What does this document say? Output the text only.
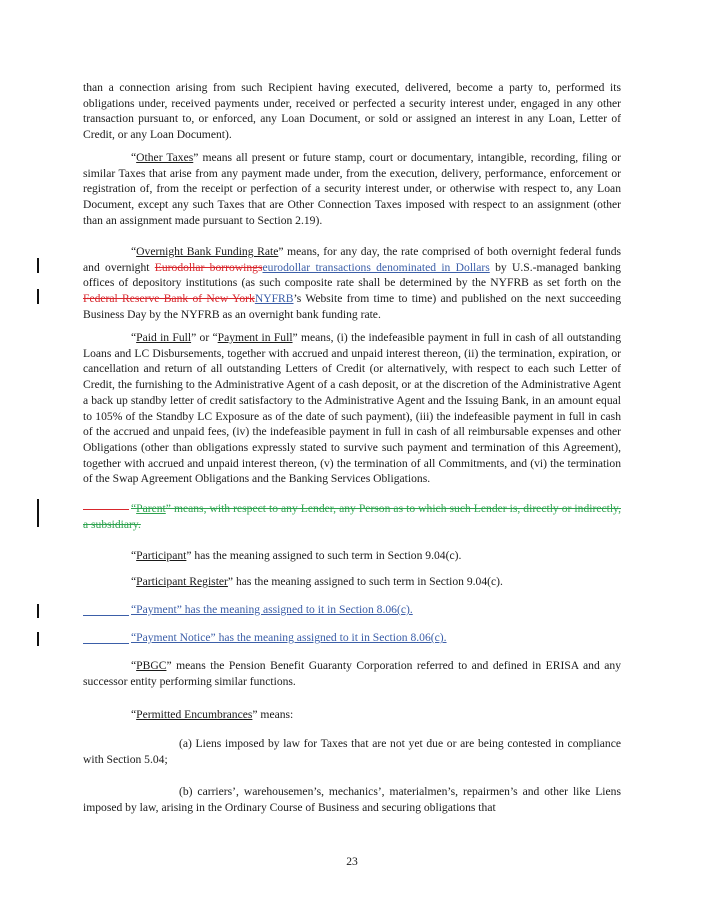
than a connection arising from such Recipient having executed, delivered, become a party to, performed its obligations under, received payments under, received or perfected a security interest under, engaged in any other transaction pursuant to, or enforced, any Loan Document, or sold or assigned an interest in any Loan, Letter of Credit, or any Loan Document).

“Other Taxes” means all present or future stamp, court or documentary, intangible, recording, filing or similar Taxes that arise from any payment made under, from the execution, delivery, performance, enforcement or registration of, from the receipt or perfection of a security interest under, or otherwise with respect to, any Loan Document, except any such Taxes that are Other Connection Taxes imposed with respect to an assignment (other than an assignment made pursuant to Section 2.19).

“Overnight Bank Funding Rate” means, for any day, the rate comprised of both overnight federal funds and overnight Eurodollar borrowingseurodollar transactions denominated in Dollars by U.S.-managed banking offices of depository institutions (as such composite rate shall be determined by the NYFRB as set forth on the Federal Reserve Bank of New YorkNYFRB’s Website from time to time) and published on the next succeeding Business Day by the NYFRB as an overnight bank funding rate.

“Paid in Full” or “Payment in Full” means, (i) the indefeasible payment in full in cash of all outstanding Loans and LC Disbursements, together with accrued and unpaid interest thereon, (ii) the termination, expiration, or cancellation and return of all outstanding Letters of Credit (or alternatively, with respect to each such Letter of Credit, the furnishing to the Administrative Agent of a cash deposit, or at the discretion of the Administrative Agent a back up standby letter of credit satisfactory to the Administrative Agent and the Issuing Bank, in an amount equal to 105% of the Standby LC Exposure as of the date of such payment), (iii) the indefeasible payment in full in cash of the accrued and unpaid fees, (iv) the indefeasible payment in full in cash of all reimbursable expenses and other Obligations (other than obligations expressly stated to survive such payment and termination of this Agreement), together with accrued and unpaid interest thereon, (v) the termination of all Commitments, and (vi) the termination of the Swap Agreement Obligations and the Banking Services Obligations.

“Parent” means, with respect to any Lender, any Person as to which such Lender is, directly or indirectly, a subsidiary.

“Participant” has the meaning assigned to such term in Section 9.04(c).

“Participant Register” has the meaning assigned to such term in Section 9.04(c).

“Payment” has the meaning assigned to it in Section 8.06(c).

“Payment Notice” has the meaning assigned to it in Section 8.06(c).

“PBGC” means the Pension Benefit Guaranty Corporation referred to and defined in ERISA and any successor entity performing similar functions.

“Permitted Encumbrances” means:

(a) Liens imposed by law for Taxes that are not yet due or are being contested in compliance with Section 5.04;

(b) carriers’, warehousemen’s, mechanics’, materialmen’s, repairmen’s and other like Liens imposed by law, arising in the Ordinary Course of Business and securing obligations that

23
